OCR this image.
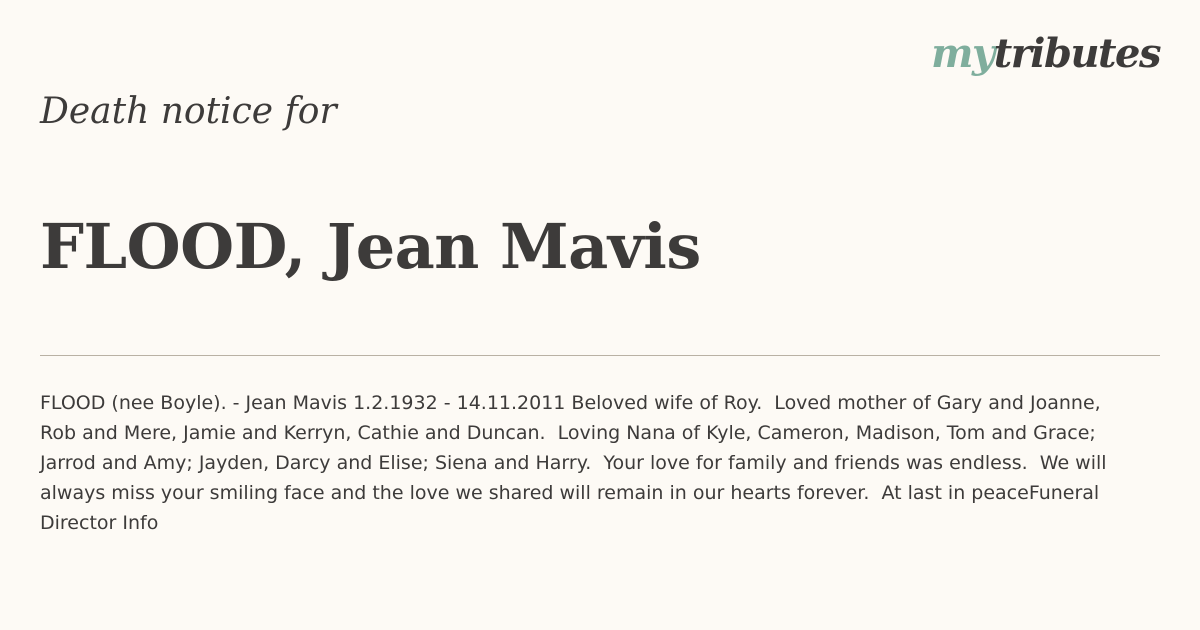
mytributes
Death notice for
FLOOD, Jean Mavis

FLOOD (nee Boyle). - Jean Mavis 1.2.1932 - 14.11.2011 Beloved wife of Roy.  Loved mother of Gary and Joanne, Rob and Mere, Jamie and Kerryn, Cathie and Duncan.  Loving Nana of Kyle, Cameron, Madison, Tom and Grace; Jarrod and Amy; Jayden, Darcy and Elise; Siena and Harry.  Your love for family and friends was endless.  We will always miss your smiling face and the love we shared will remain in our hearts forever.  At last in peaceFuneral Director Info
